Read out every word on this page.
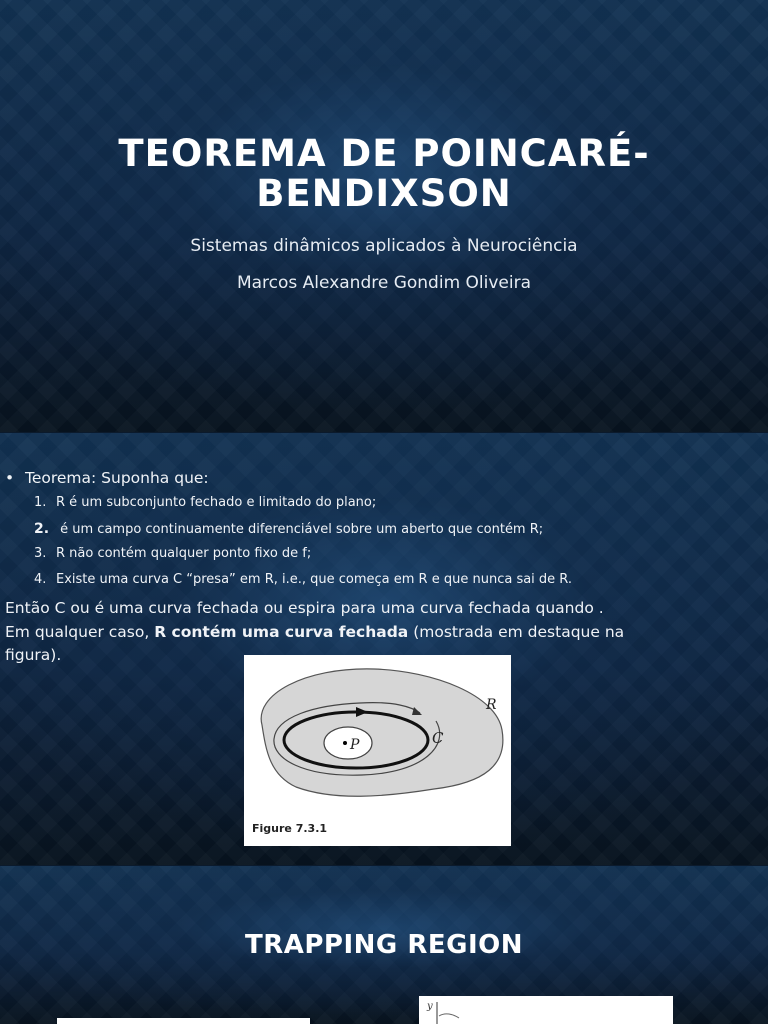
TEOREMA DE POINCARÉ-
BENDIXSON
Sistemas dinâmicos aplicados à Neurociência
Marcos Alexandre Gondim Oliveira
• Teorema: Suponha que:
1. R é um subconjunto fechado e limitado do plano;
2. é um campo continuamente diferenciável sobre um aberto que contém R;
3. R não contém qualquer ponto fixo de f;
4. Existe uma curva C “presa” em R, i.e., que começa em R e que nunca sai de R.
Então C ou é uma curva fechada ou espira para uma curva fechada quando .
Em qualquer caso, R contém uma curva fechada (mostrada em destaque na figura).
P	C
R
Figure 7.3.1
TRAPPING REGION
y
